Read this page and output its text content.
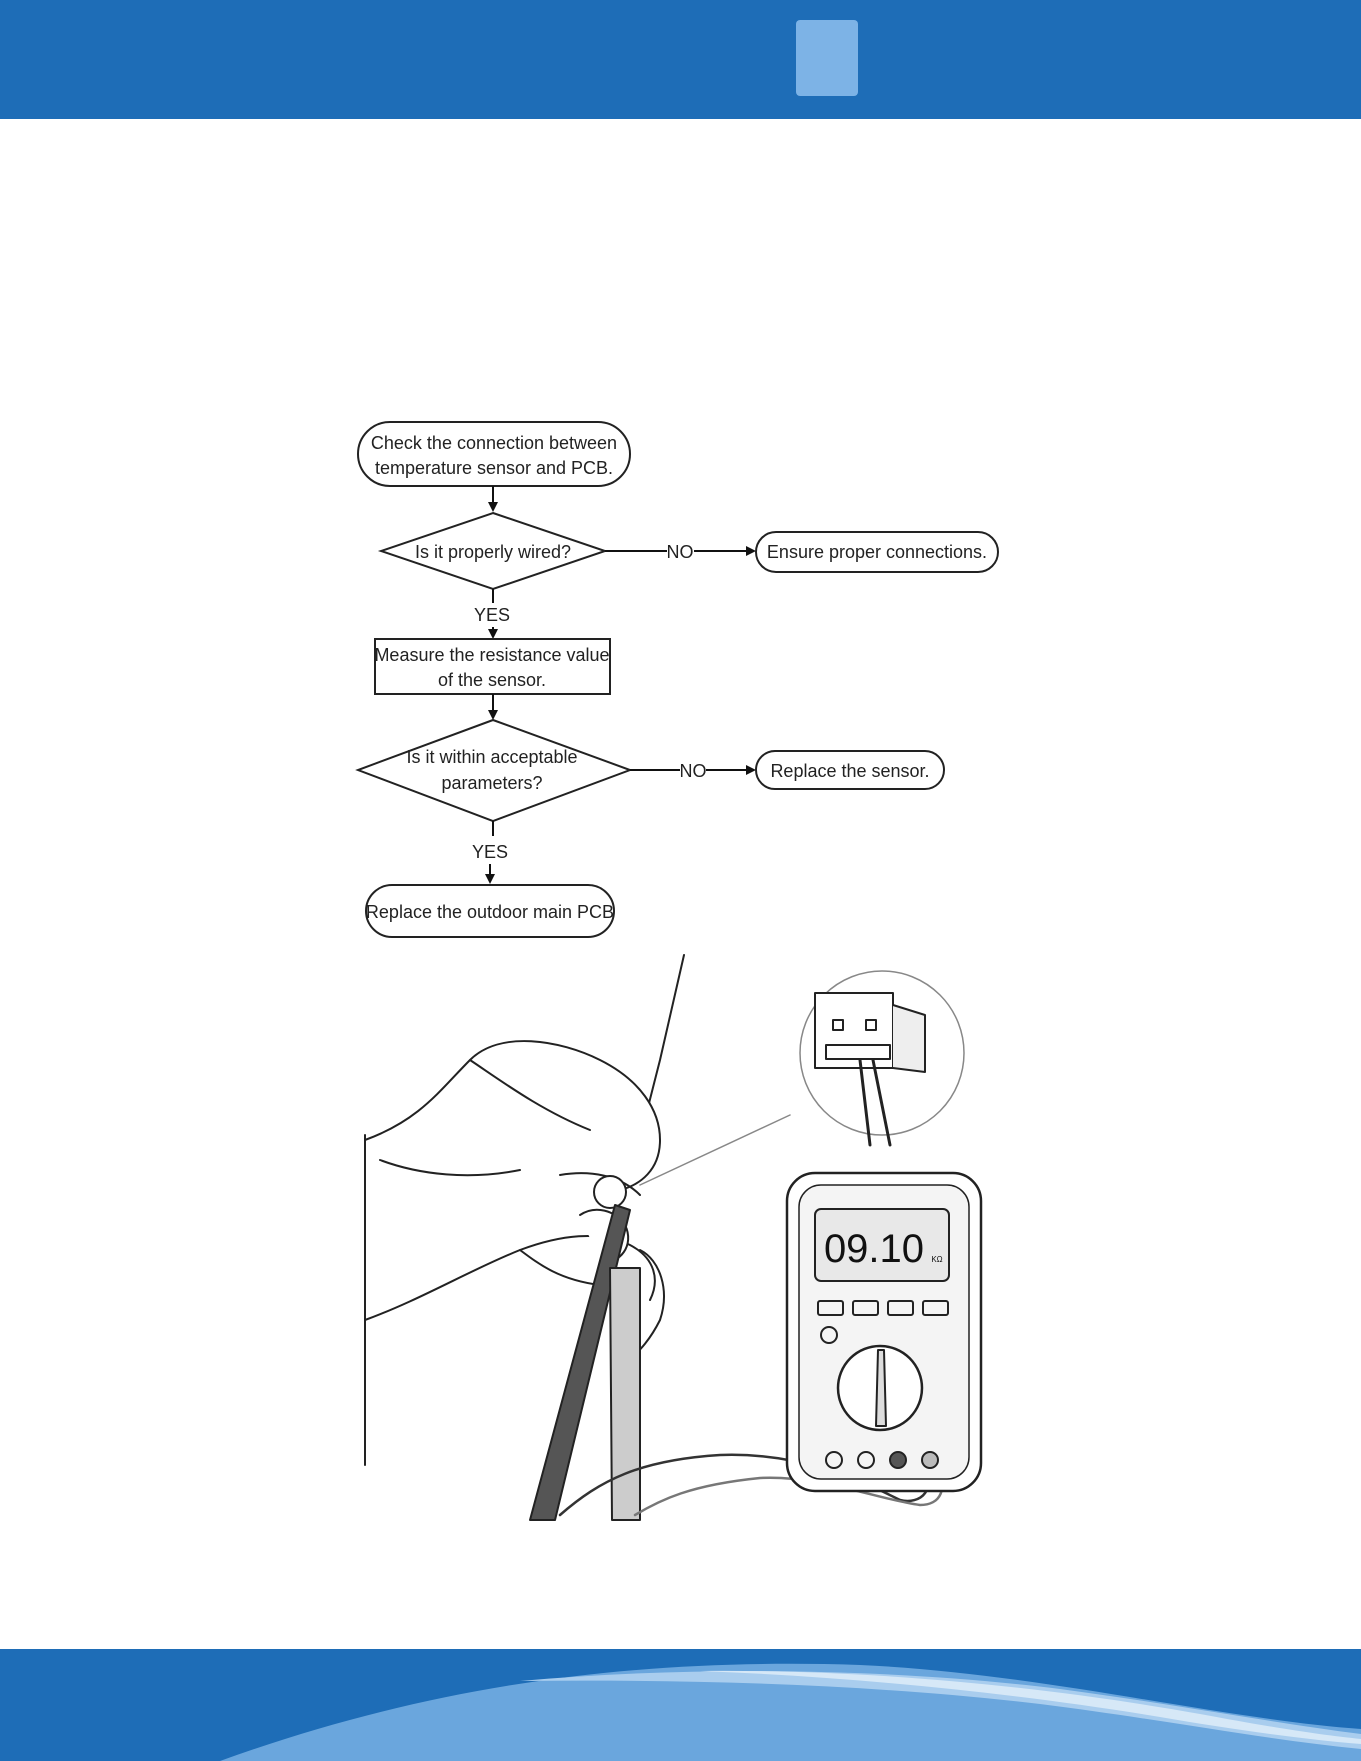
Check the connection between
temperature sensor and PCB.
Is it properly wired?	NO	Ensure proper connections.
YES
Measure the resistance value
of the sensor.
Is it within acceptable
parameters?
NO	Replace the sensor.
YES
Replace the outdoor main PCB
09.10 KΩ
